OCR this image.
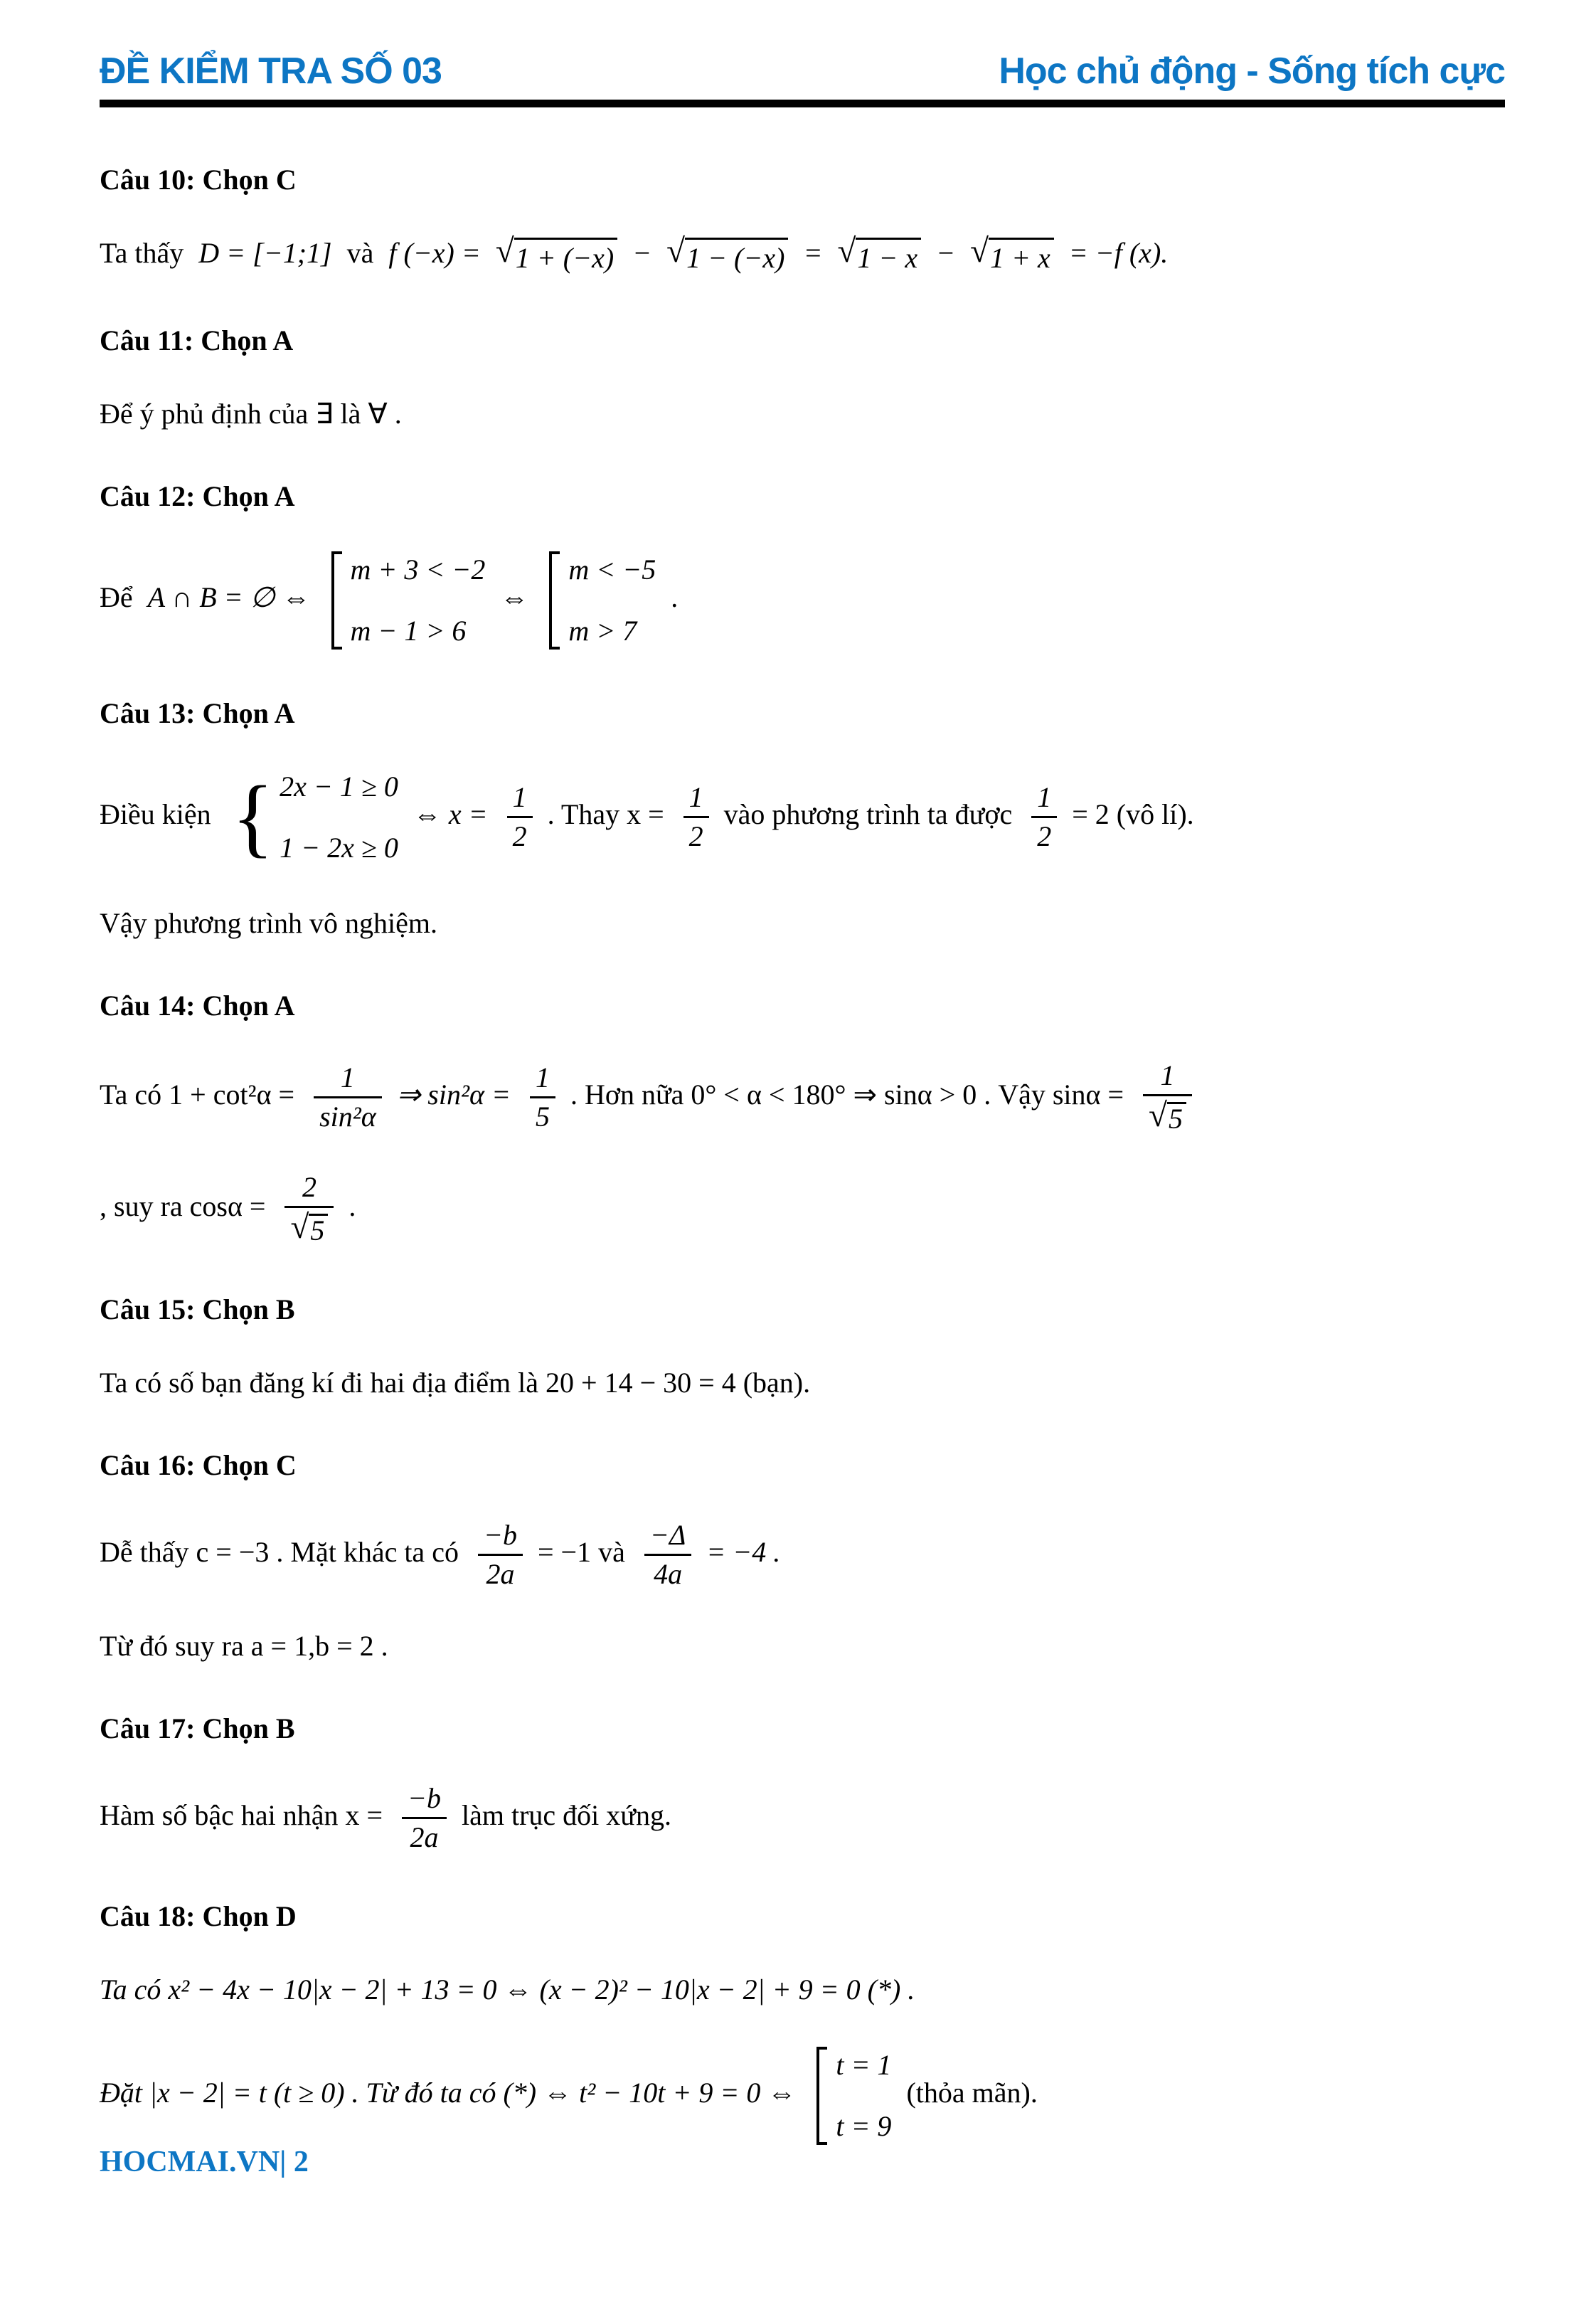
ĐỀ KIỂM TRA SỐ 03	Học chủ động - Sống tích cực

Câu 10: Chọn C

Ta thấy D = [−1;1] và f (−x) = √ 1 + (−x) − √ 1 − (−x) = √ 1 − x − √ 1 + x = −f (x).

Câu 11: Chọn A

Để ý phủ định của ∃ là ∀ .

Câu 12: Chọn A

Để A ∩ B = ∅ ⇔
m + 3 < −2
m − 1 > 6
⇔
m < −5
m > 7
.

Câu 13: Chọn A

Điều kiện { 2x − 1 ≥ 0
1 − 2x ≥ 0
⇔ $x = \frac{1}{2}$ . Thay $x = \frac{1}{2}$ vào phương trình ta được $\frac{1}{2} = 2$ (vô lí).

Vậy phương trình vô nghiệm.

Câu 14: Chọn A

Ta có $1 + \cot^2\alpha = \frac{1}{\text{sin²α}}$ ⇒ $\sin^2\alpha = \frac{1}{5}$ . Hơn nữa 0° < α < 180° ⇒ sinα > 0 . Vậy $\sin\alpha = \frac{1}{√ 5}$

, suy ra $\cos\alpha = \frac{2}{√ 5}$ .

Câu 15: Chọn B

Ta có số bạn đăng kí đi hai địa điểm là 20 + 14 − 30 = 4 (bạn).

Câu 16: Chọn C

Dễ thấy c = −3 . Mặt khác ta có $\frac{-b}{2a} = -1$ và $\frac{-\Delta}{4a} = -4$ .

Từ đó suy ra a = 1,b = 2 .

Câu 17: Chọn B

Hàm số bậc hai nhận $x = \frac{-b}{2a}$ làm trục đối xứng.

Câu 18: Chọn D

Ta có x² − 4x − 10|x − 2| + 13 = 0 ⇔ (x − 2)² − 10|x − 2| + 9 = 0 (*) .

Đặt |x − 2| = t (t ≥ 0) . Từ đó ta có (*) ⇔ t² − 10t + 9 = 0 ⇔
t = 1
t = 9
(thỏa mãn).

HOCMAI.VN| 2
